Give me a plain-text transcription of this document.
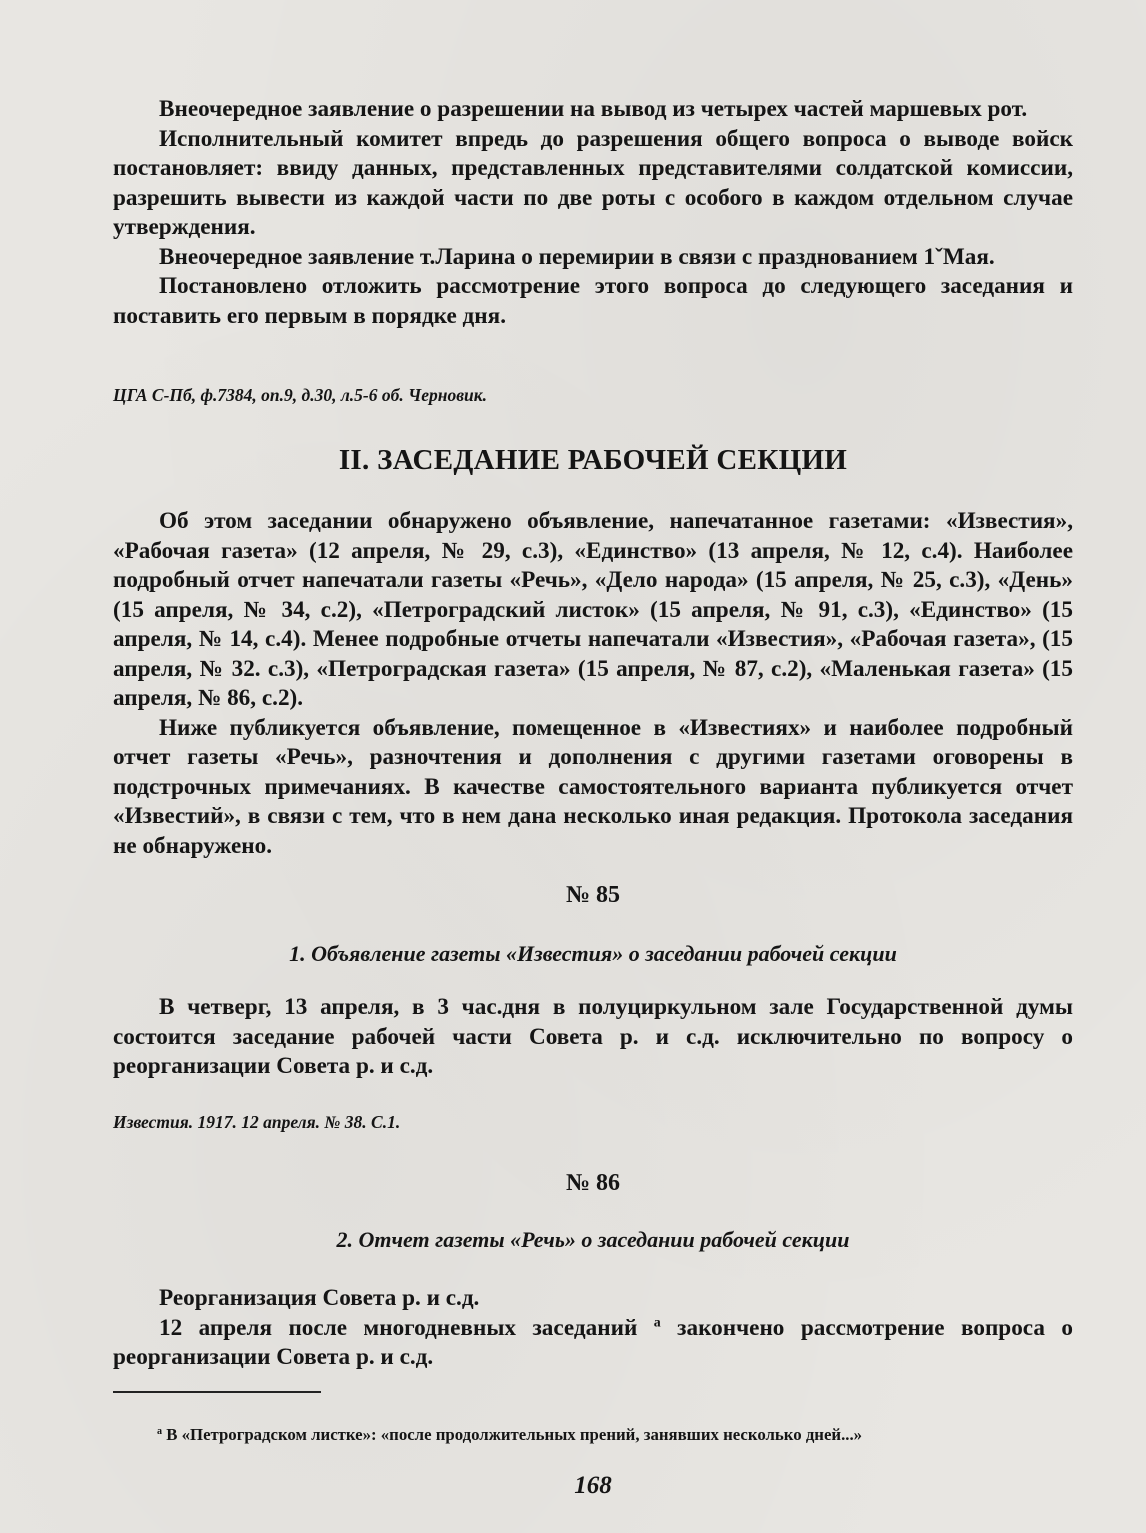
Внеочередное заявление о разрешении на вывод из четырех частей маршевых рот.

Исполнительный комитет впредь до разрешения общего вопроса о выводе войск постановляет: ввиду данных, представленных представителями солдатской комиссии, разрешить вывести из каждой части по две роты с особого в каждом отдельном случае утверждения.

Внеочередное заявление т.Ларина о перемирии в связи с празднованием 1ˇМая.

Постановлено отложить рассмотрение этого вопроса до следующего заседания и поставить его первым в порядке дня.

ЦГА С-Пб, ф.7384, оп.9, д.30, л.5-6 об. Черновик.

II. ЗАСЕДАНИЕ РАБОЧЕЙ СЕКЦИИ

Об этом заседании обнаружено объявление, напечатанное газетами: «Известия», «Рабочая газета» (12 апреля, № 29, с.3), «Единство» (13 апреля, № 12, с.4). Наиболее подробный отчет напечатали газеты «Речь», «Дело народа» (15 апреля, № 25, с.3), «День» (15 апреля, № 34, с.2), «Петроградский листок» (15 апреля, № 91, с.3), «Единство» (15 апреля, № 14, с.4). Менее подробные отчеты напечатали «Известия», «Рабочая газета», (15 апреля, № 32. с.3), «Петроградская газета» (15 апреля, № 87, с.2), «Маленькая газета» (15 апреля, № 86, с.2).

Ниже публикуется объявление, помещенное в «Известиях» и наиболее подробный отчет газеты «Речь», разночтения и дополнения с другими газетами оговорены в подстрочных примечаниях. В качестве самостоятельного варианта публикуется отчет «Известий», в связи с тем, что в нем дана несколько иная редакция. Протокола заседания не обнаружено.

№ 85
1. Объявление газеты «Известия» о заседании рабочей секции

В четверг, 13 апреля, в 3 час.дня в полуциркульном зале Государственной думы состоится заседание рабочей части Совета р. и с.д. исключительно по вопросу о реорганизации Совета р. и с.д.

Известия. 1917. 12 апреля. № 38. С.1.

№ 86
2. Отчет газеты «Речь» о заседании рабочей секции

Реорганизация Совета р. и с.д.

12 апреля после многодневных заседаний $^а$ закончено рассмотрение вопроса о реорганизации Совета р. и с.д.

$^а$ В «Петроградском листке»: «после продолжительных прений, занявших несколько дней...»
168
